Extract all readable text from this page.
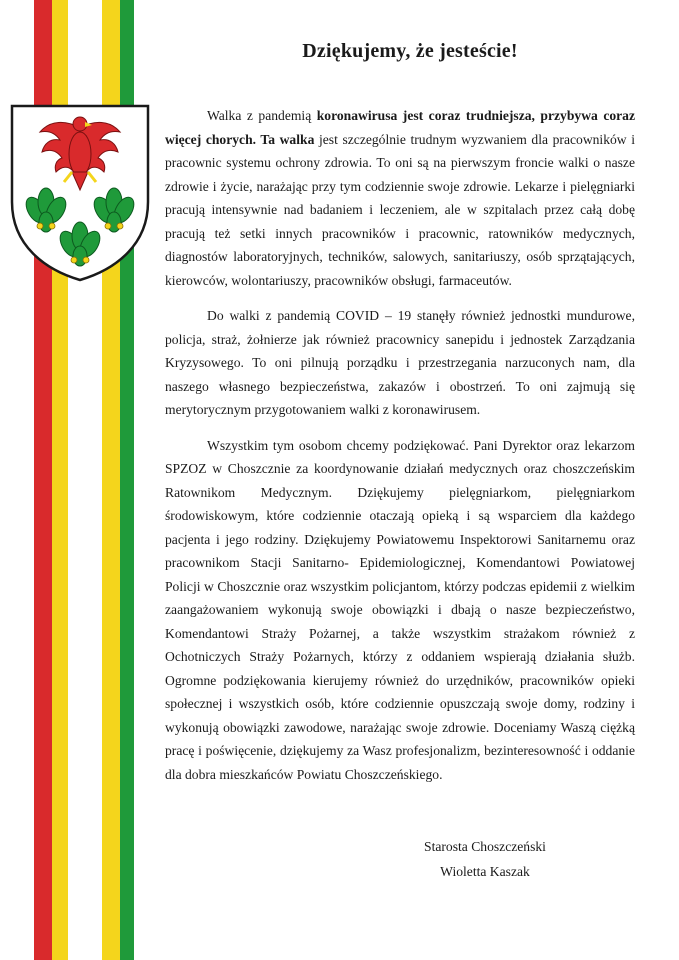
Dziękujemy, że jesteście!

Walka z pandemią koronawirusa jest coraz trudniejsza, przybywa coraz więcej chorych. Ta walka jest szczególnie trudnym wyzwaniem dla pracowników i pracownic systemu ochrony zdrowia. To oni są na pierwszym froncie walki o nasze zdrowie i życie, narażając przy tym codziennie swoje zdrowie. Lekarze i pielęgniarki pracują intensywnie nad badaniem i leczeniem, ale w szpitalach przez całą dobę pracują też setki innych pracowników i pracownic, ratowników medycznych, diagnostów laboratoryjnych, techników, salowych, sanitariuszy, osób sprzątających, kierowców, wolontariuszy, pracowników obsługi, farmaceutów.

Do walki z pandemią COVID – 19 stanęły również jednostki mundurowe, policja, straż, żołnierze jak również pracownicy sanepidu i jednostek Zarządzania Kryzysowego. To oni pilnują porządku i przestrzegania narzuconych nam, dla naszego własnego bezpieczeństwa, zakazów i obostrzeń. To oni zajmują się merytorycznym przygotowaniem walki z koronawirusem.

Wszystkim tym osobom chcemy podziękować. Pani Dyrektor oraz lekarzom SPZOZ w Choszcznie za koordynowanie działań medycznych oraz choszczeńskim Ratownikom Medycznym. Dziękujemy pielęgniarkom, pielęgniarkom środowiskowym, które codziennie otaczają opieką i są wsparciem dla każdego pacjenta i jego rodziny. Dziękujemy Powiatowemu Inspektorowi Sanitarnemu oraz pracownikom Stacji Sanitarno- Epidemiologicznej, Komendantowi Powiatowej Policji w Choszcznie oraz wszystkim policjantom, którzy podczas epidemii z wielkim zaangażowaniem wykonują swoje obowiązki i dbają o nasze bezpieczeństwo, Komendantowi Straży Pożarnej, a także wszystkim strażakom również z Ochotniczych Straży Pożarnych, którzy z oddaniem wspierają działania służb. Ogromne podziękowania kierujemy również do urzędników, pracowników opieki społecznej i wszystkich osób, które codziennie opuszczają swoje domy, rodziny i wykonują obowiązki zawodowe, narażając swoje zdrowie. Doceniamy Waszą ciężką pracę i poświęcenie, dziękujemy za Wasz profesjonalizm, bezinteresowność i oddanie dla dobra mieszkańców Powiatu Choszczeńskiego.

Starosta Choszczeński
Wioletta Kaszak
